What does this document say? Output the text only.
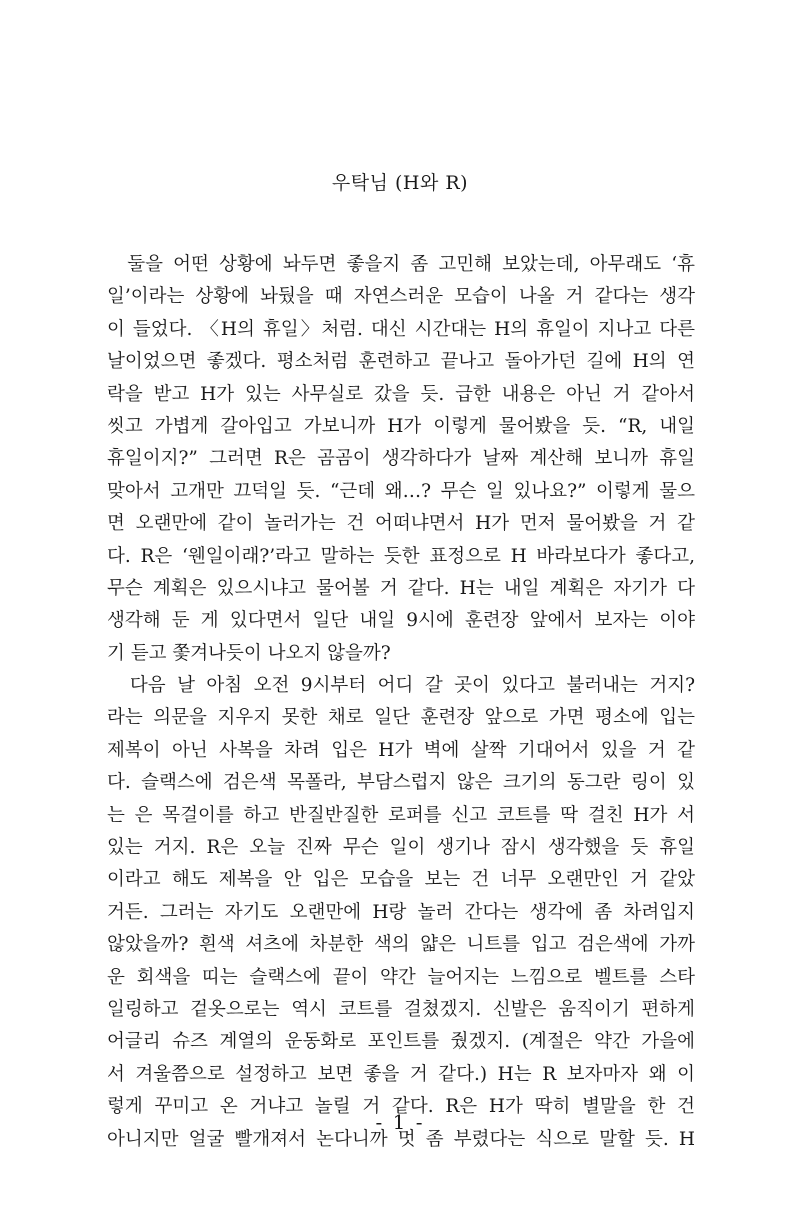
우탁님 (H와 R)
둘을 어떤 상황에 놔두면 좋을지 좀 고민해 보았는데, 아무래도 ‘휴
일’이라는 상황에 놔뒀을 때 자연스러운 모습이 나올 거 같다는 생각
이 들었다. 〈H의 휴일〉처럼. 대신 시간대는 H의 휴일이 지나고 다른
날이었으면 좋겠다. 평소처럼 훈련하고 끝나고 돌아가던 길에 H의 연
락을 받고 H가 있는 사무실로 갔을 듯. 급한 내용은 아닌 거 같아서
씻고 가볍게 갈아입고 가보니까 H가 이렇게 물어봤을 듯. “R, 내일
휴일이지?” 그러면 R은 곰곰이 생각하다가 날짜 계산해 보니까 휴일
맞아서 고개만 끄덕일 듯. “근데 왜…? 무슨 일 있나요?” 이렇게 물으
면 오랜만에 같이 놀러가는 건 어떠냐면서 H가 먼저 물어봤을 거 같
다. R은 ‘웬일이래?’라고 말하는 듯한 표정으로 H 바라보다가 좋다고,
무슨 계획은 있으시냐고 물어볼 거 같다. H는 내일 계획은 자기가 다
생각해 둔 게 있다면서 일단 내일 9시에 훈련장 앞에서 보자는 이야
기 듣고 쫓겨나듯이 나오지 않을까?
다음 날 아침 오전 9시부터 어디 갈 곳이 있다고 불러내는 거지?
라는 의문을 지우지 못한 채로 일단 훈련장 앞으로 가면 평소에 입는
제복이 아닌 사복을 차려 입은 H가 벽에 살짝 기대어서 있을 거 같
다. 슬랙스에 검은색 목폴라, 부담스럽지 않은 크기의 동그란 링이 있
는 은 목걸이를 하고 반질반질한 로퍼를 신고 코트를 딱 걸친 H가 서
있는 거지. R은 오늘 진짜 무슨 일이 생기나 잠시 생각했을 듯 휴일
이라고 해도 제복을 안 입은 모습을 보는 건 너무 오랜만인 거 같았
거든. 그러는 자기도 오랜만에 H랑 놀러 간다는 생각에 좀 차려입지
않았을까? 흰색 셔츠에 차분한 색의 얇은 니트를 입고 검은색에 가까
운 회색을 띠는 슬랙스에 끝이 약간 늘어지는 느낌으로 벨트를 스타
일링하고 겉옷으로는 역시 코트를 걸쳤겠지. 신발은 움직이기 편하게
어글리 슈즈 계열의 운동화로 포인트를 줬겠지. (계절은 약간 가을에
서 겨울쯤으로 설정하고 보면 좋을 거 같다.) H는 R 보자마자 왜 이
렇게 꾸미고 온 거냐고 놀릴 거 같다. R은 H가 딱히 별말을 한 건
아니지만 얼굴 빨개져서 논다니까 멋 좀 부렸다는 식으로 말할 듯. H
- 1 -
